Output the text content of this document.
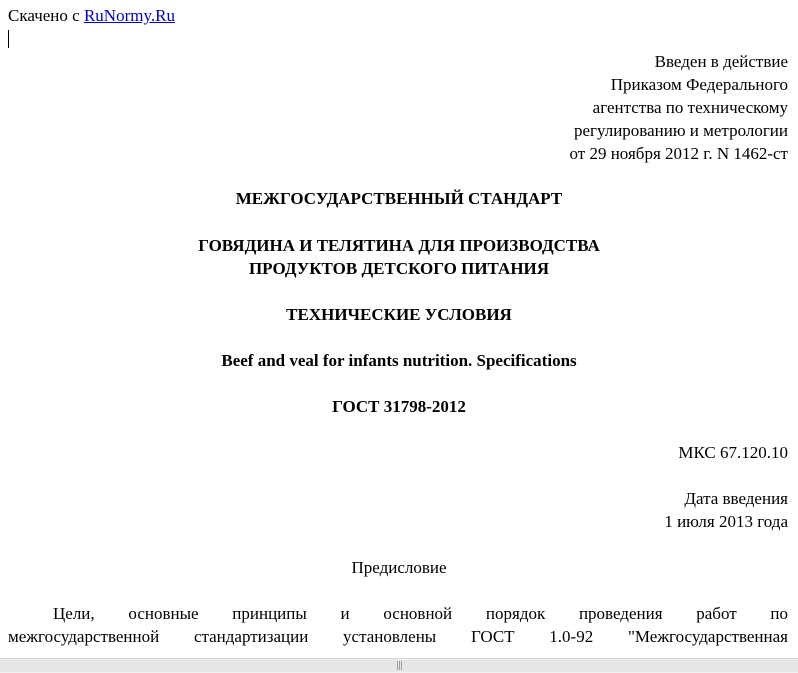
Скачено с RuNormy.Ru
Введен в действие
Приказом Федерального
агентства по техническому
регулированию и метрологии
от 29 ноября 2012 г. N 1462-ст
МЕЖГОСУДАРСТВЕННЫЙ СТАНДАРТ
ГОВЯДИНА И ТЕЛЯТИНА ДЛЯ ПРОИЗВОДСТВА
ПРОДУКТОВ ДЕТСКОГО ПИТАНИЯ
ТЕХНИЧЕСКИЕ УСЛОВИЯ
Beef and veal for infants nutrition. Specifications
ГОСТ 31798-2012
МКС 67.120.10
Дата введения
1 июля 2013 года
Предисловие
Цели, основные принципы и основной порядок проведения работ по
межгосударственной стандартизации установлены ГОСТ 1.0-92 "Межгосударственная
|||
